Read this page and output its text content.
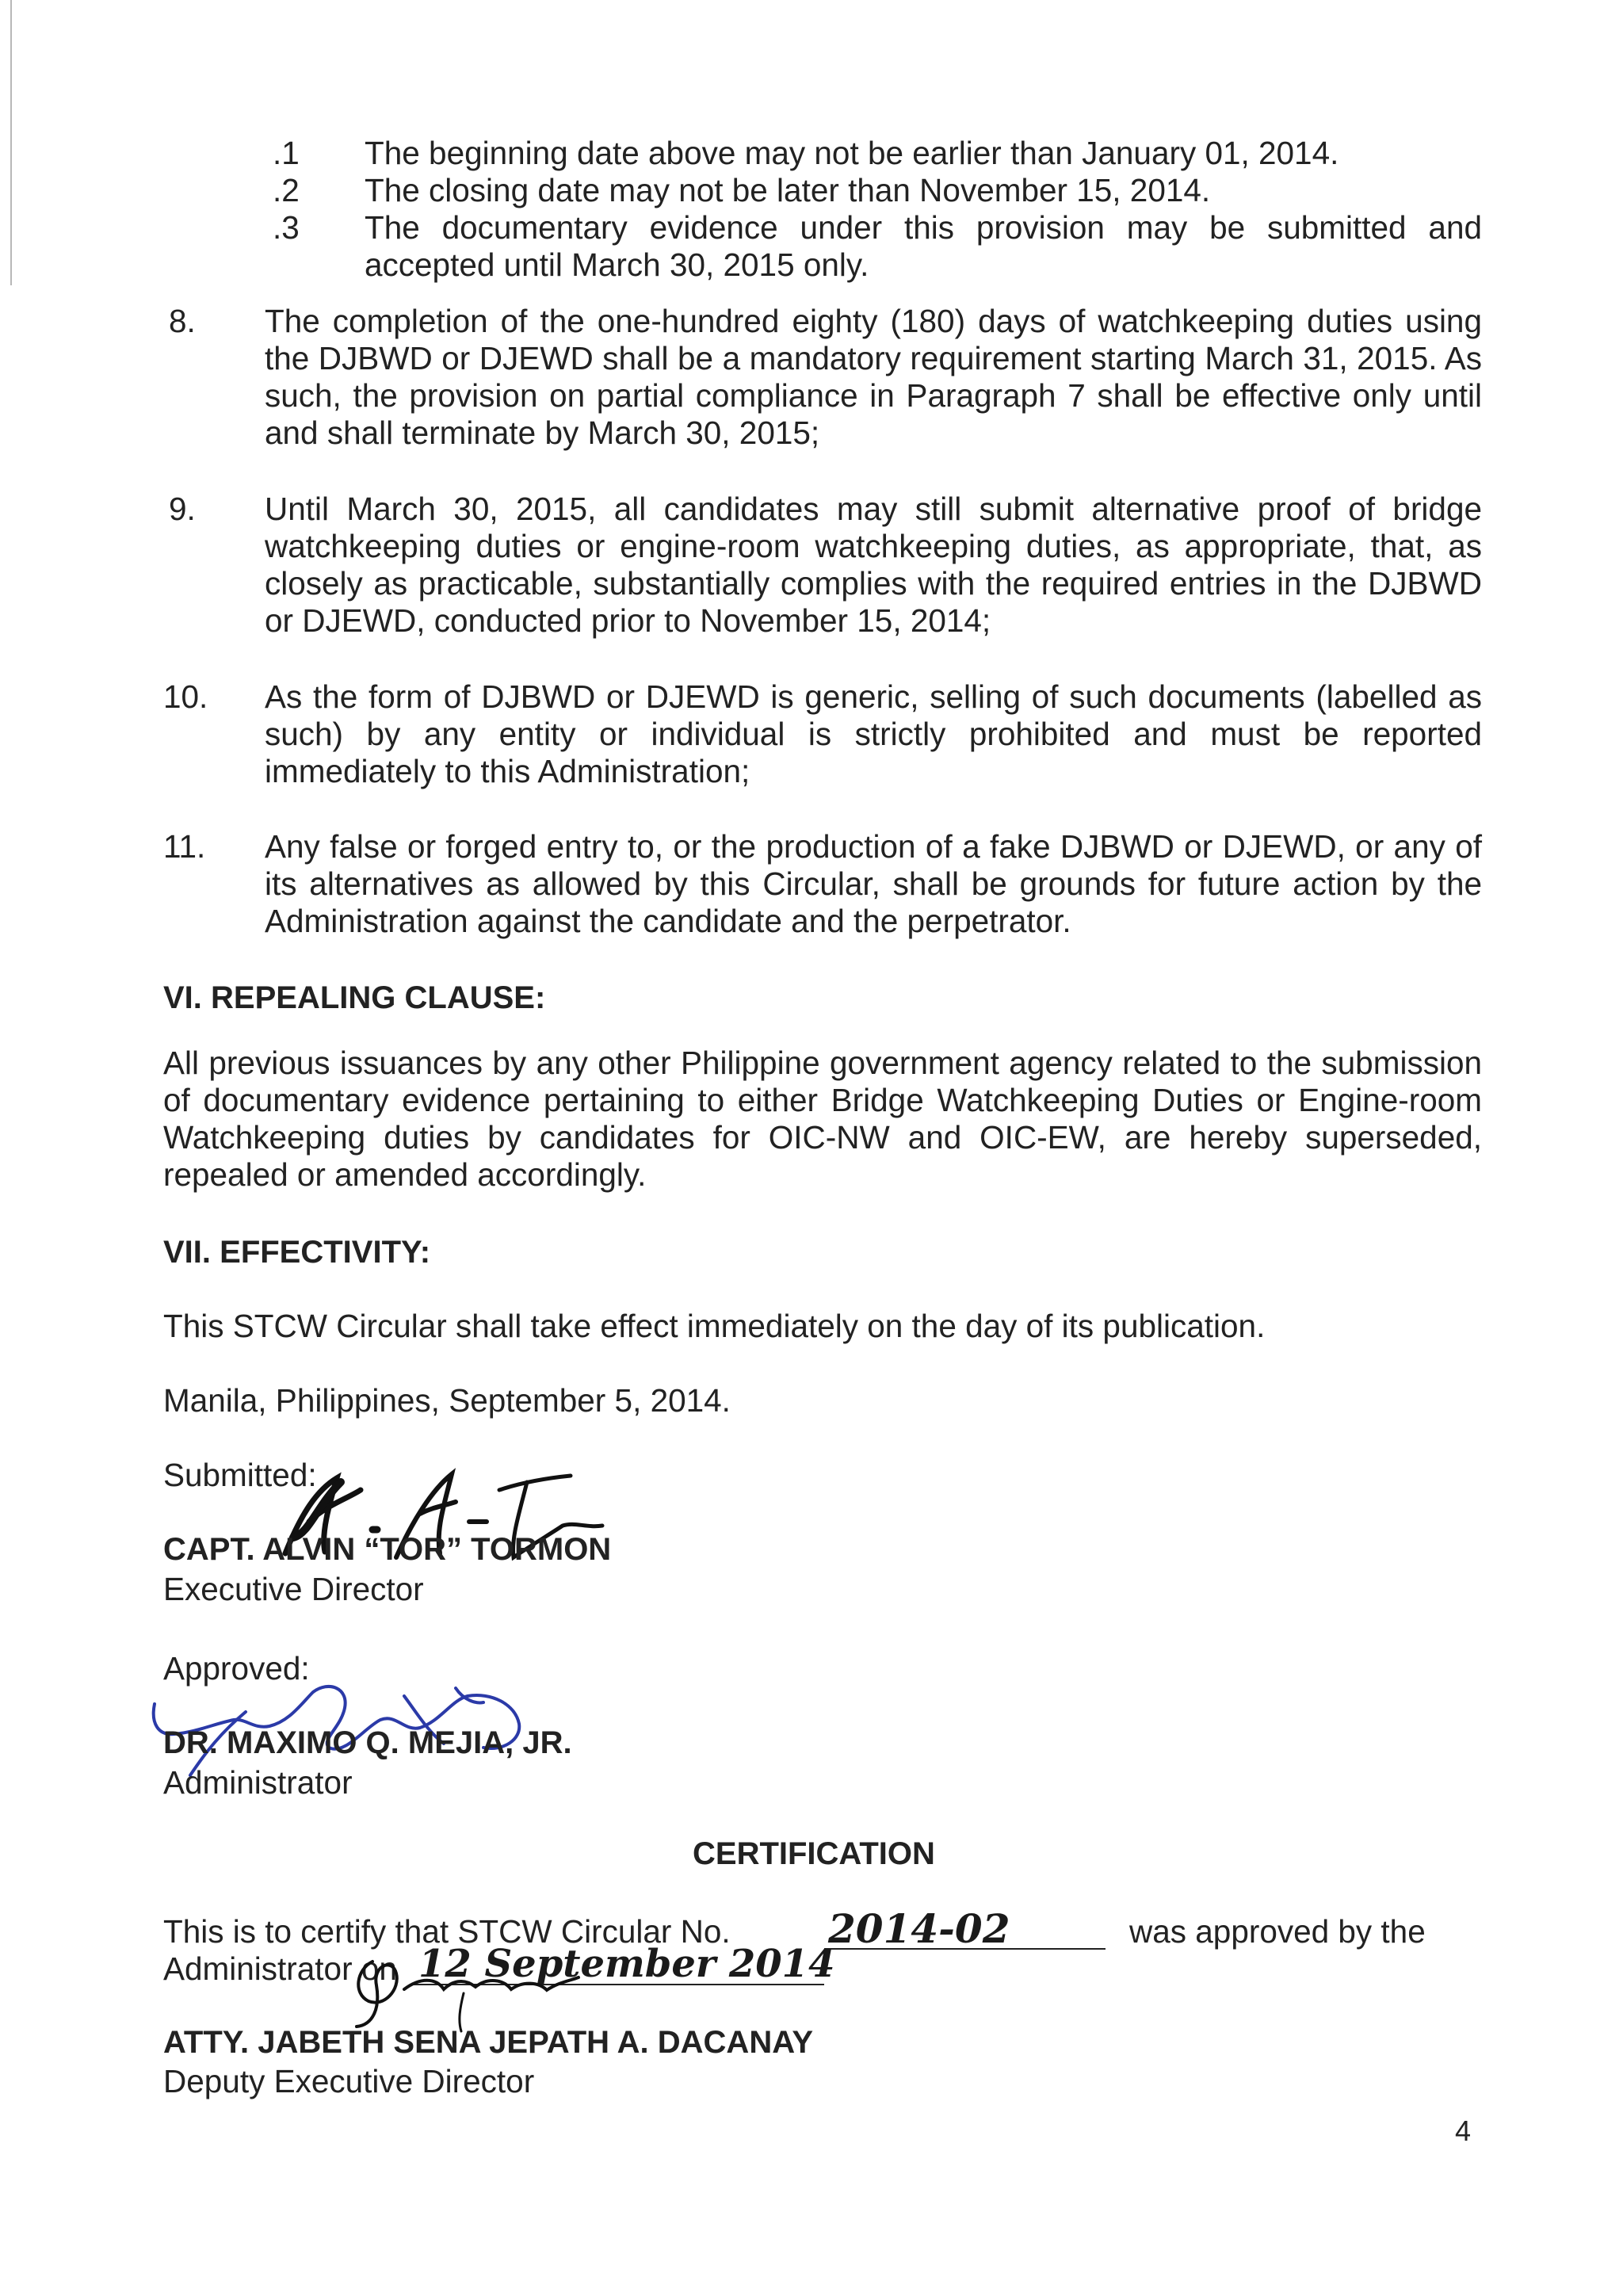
.1 The beginning date above may not be earlier than January 01, 2014.
.2 The closing date may not be later than November 15, 2014.
.3 The documentary evidence under this provision may be submitted and accepted until March 30, 2015 only.
8. The completion of the one-hundred eighty (180) days of watchkeeping duties using the DJBWD or DJEWD shall be a mandatory requirement starting March 31, 2015. As such, the provision on partial compliance in Paragraph 7 shall be effective only until and shall terminate by March 30, 2015;
9. Until March 30, 2015, all candidates may still submit alternative proof of bridge watchkeeping duties or engine-room watchkeeping duties, as appropriate, that, as closely as practicable, substantially complies with the required entries in the DJBWD or DJEWD, conducted prior to November 15, 2014;
10. As the form of DJBWD or DJEWD is generic, selling of such documents (labelled as such) by any entity or individual is strictly prohibited and must be reported immediately to this Administration;
11. Any false or forged entry to, or the production of a fake DJBWD or DJEWD, or any of its alternatives as allowed by this Circular, shall be grounds for future action by the Administration against the candidate and the perpetrator.
VI. REPEALING CLAUSE:
All previous issuances by any other Philippine government agency related to the submission of documentary evidence pertaining to either Bridge Watchkeeping Duties or Engine-room Watchkeeping duties by candidates for OIC-NW and OIC-EW, are hereby superseded, repealed or amended accordingly.
VII. EFFECTIVITY:
This STCW Circular shall take effect immediately on the day of its publication.
Manila, Philippines, September 5, 2014.
Submitted:
CAPT. ALVIN “TOR” TORMON
Executive Director
Approved:
DR. MAXIMO Q. MEJIA, JR.
Administrator
CERTIFICATION
This is to certify that STCW Circular No. 2014-02	was approved by the
Administrator on 12 September 2014
ATTY. JABETH SENA JEPATH A. DACANAY
Deputy Executive Director
4
